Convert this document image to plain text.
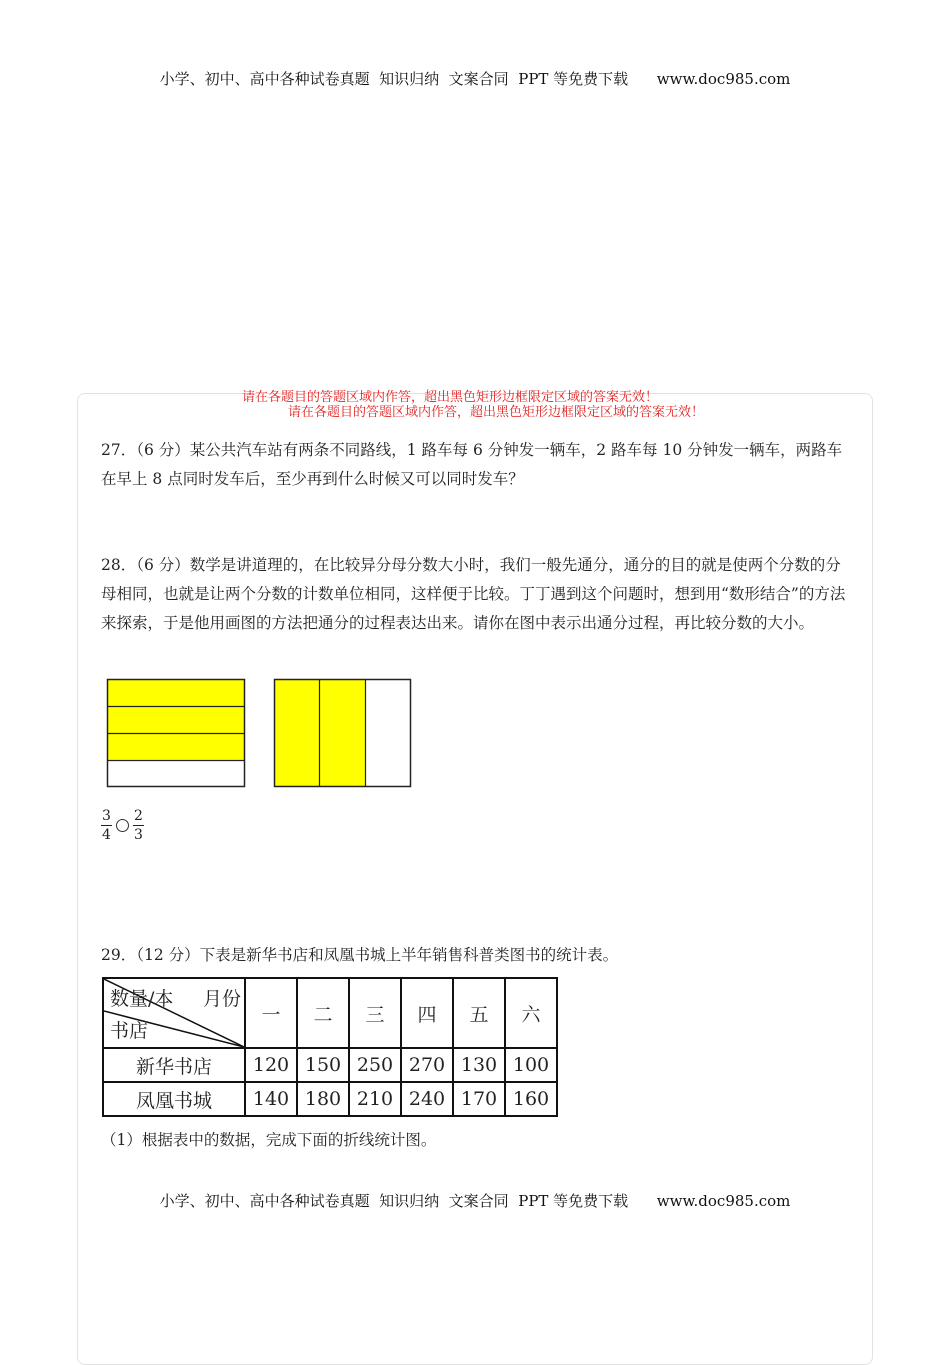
小学、初中、高中各种试卷真题  知识归纳  文案合同  PPT 等免费下载      www.doc985.com
请在各题目的答题区域内作答，超出黑色矩形边框限定区域的答案无效！
请在各题目的答题区域内作答，超出黑色矩形边框限定区域的答案无效！
27．（6 分）某公共汽车站有两条不同路线，1 路车每 6 分钟发一辆车，2 路车每 10 分钟发一辆车，两路车在早上 8 点同时发车后，至少再到什么时候又可以同时发车？
28．（6 分）数学是讲道理的，在比较异分母分数大小时，我们一般先通分，通分的目的就是使两个分数的分母相同，也就是让两个分数的计数单位相同，这样便于比较。丁丁遇到这个问题时，想到用“数形结合”的方法来探索，于是他用画图的方法把通分的过程表达出来。请你在图中表示出通分过程，再比较分数的大小。
3
4
2
3
29．（12 分）下表是新华书店和凤凰书城上半年销售科普类图书的统计表。
数量/本 月份
书店	一	二	三	四	五	六
新华书店	120	150	250	270	130	100
凤凰书城	140	180	210	240	170	160
（1）根据表中的数据，完成下面的折线统计图。
小学、初中、高中各种试卷真题  知识归纳  文案合同  PPT 等免费下载      www.doc985.com
